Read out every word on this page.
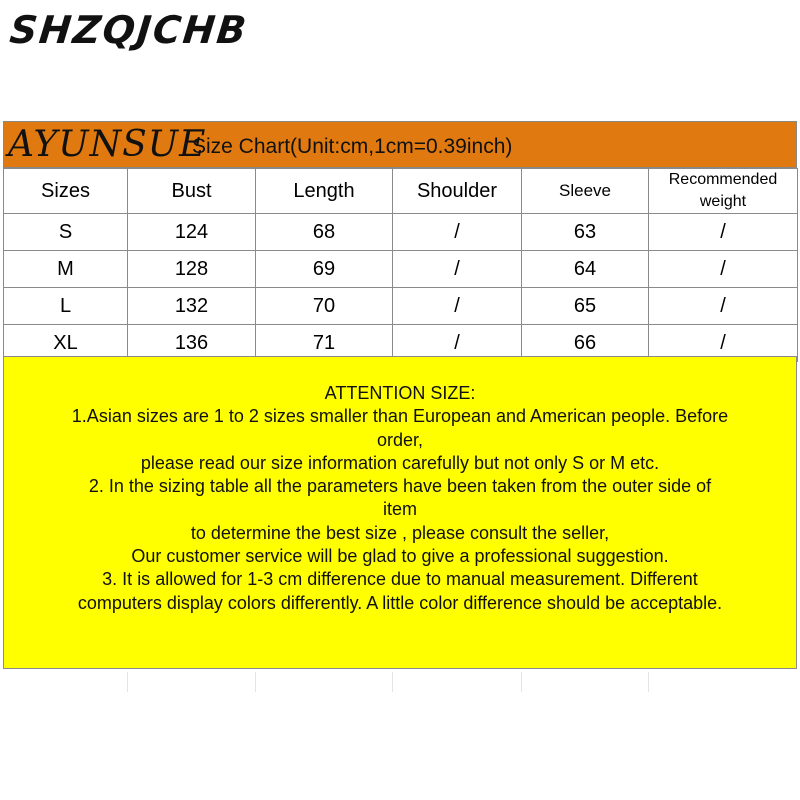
SHZQJCHB
AYUNSUE
Size Chart(Unit:cm,1cm=0.39inch)
Sizes	Bust	Length	Shoulder	Sleeve	Recommended weight
S	124	68	/	63	/
M	128	69	/	64	/
L	132	70	/	65	/
XL	136	71	/	66	/
ATTENTION SIZE:
1.Asian sizes are 1 to 2 sizes smaller than European and American people. Before
order,
please read our size information carefully but not only S or M etc.
2. In the sizing table all the parameters have been taken from the outer side of
item
to determine the best size , please consult the seller,
Our customer service will be glad to give a professional suggestion.
3. It is allowed for 1-3 cm difference due to manual measurement. Different
computers display colors differently. A little color difference should be acceptable.
